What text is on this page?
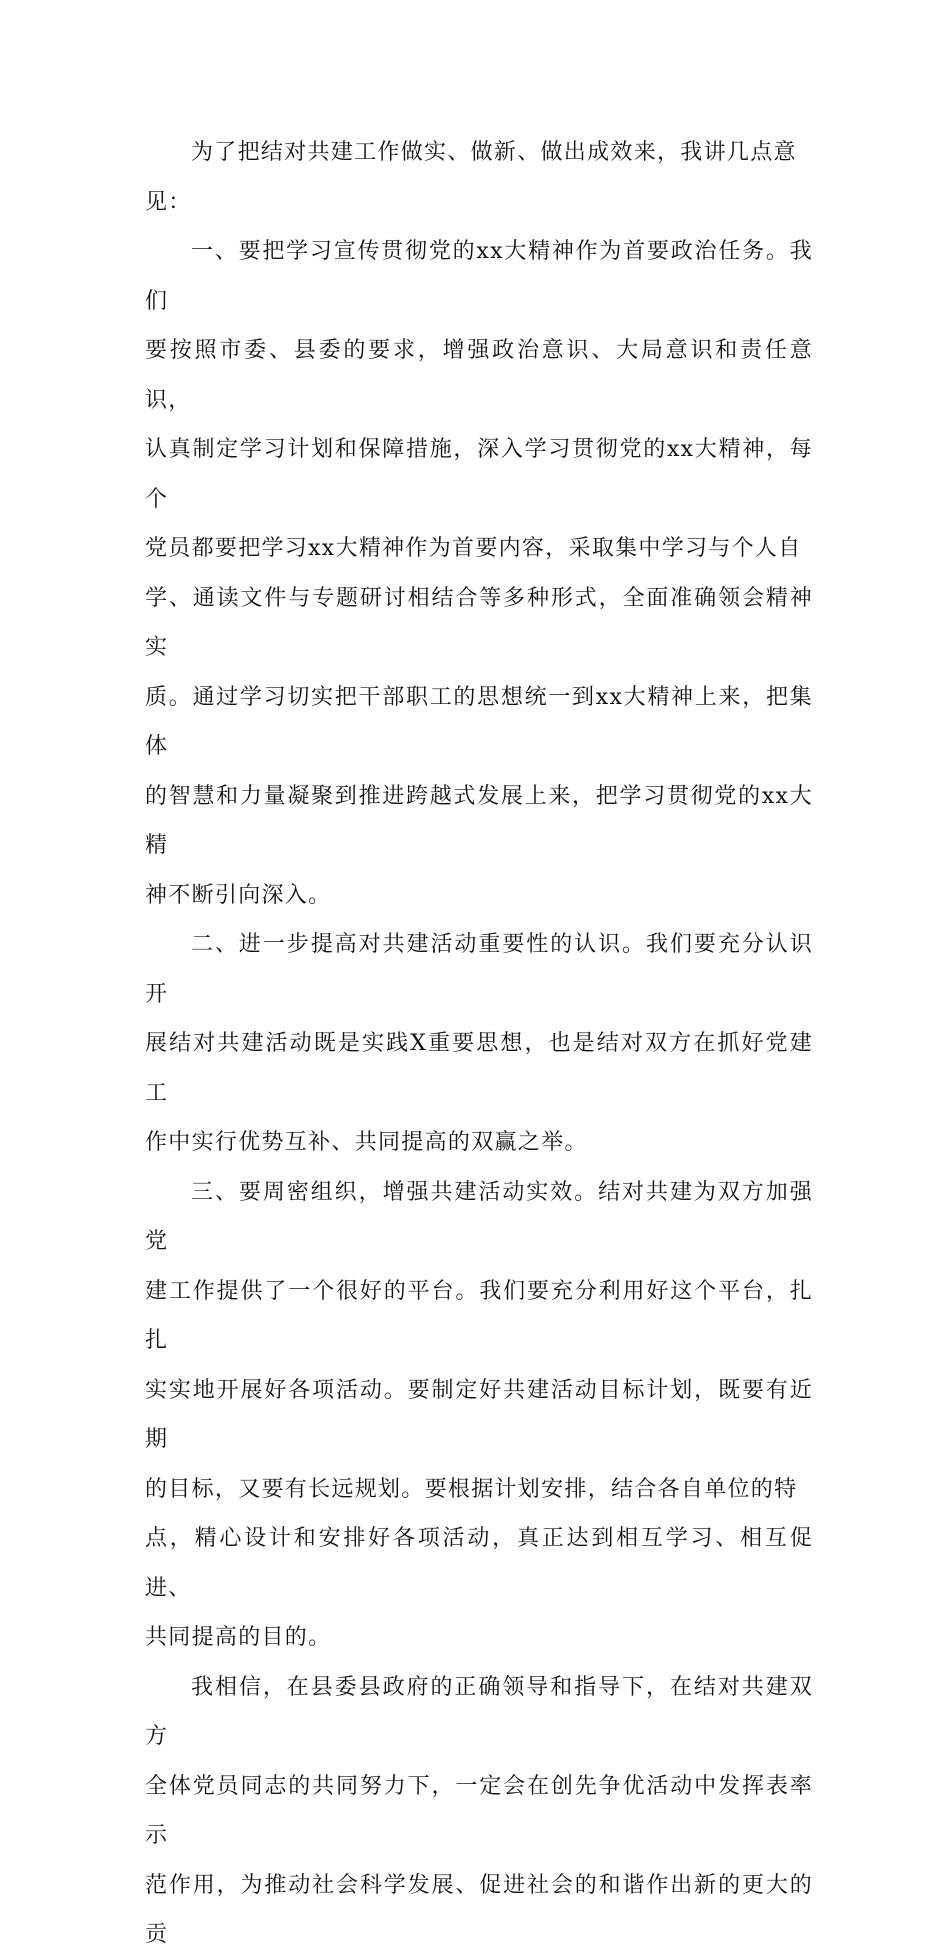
为了把结对共建工作做实、做新、做出成效来，我讲几点意
见：

一、要把学习宣传贯彻党的xx大精神作为首要政治任务。我们
要按照市委、县委的要求，增强政治意识、大局意识和责任意识，
认真制定学习计划和保障措施，深入学习贯彻党的xx大精神，每个
党员都要把学习xx大精神作为首要内容，采取集中学习与个人自
学、通读文件与专题研讨相结合等多种形式，全面准确领会精神实
质。通过学习切实把干部职工的思想统一到xx大精神上来，把集体
的智慧和力量凝聚到推进跨越式发展上来，把学习贯彻党的xx大精
神不断引向深入。

二、进一步提高对共建活动重要性的认识。我们要充分认识开
展结对共建活动既是实践X重要思想，也是结对双方在抓好党建工
作中实行优势互补、共同提高的双赢之举。

三、要周密组织，增强共建活动实效。结对共建为双方加强党
建工作提供了一个很好的平台。我们要充分利用好这个平台，扎扎
实实地开展好各项活动。要制定好共建活动目标计划，既要有近期
的目标，又要有长远规划。要根据计划安排，结合各自单位的特
点，精心设计和安排好各项活动，真正达到相互学习、相互促进、
共同提高的目的。

我相信，在县委县政府的正确领导和指导下，在结对共建双方
全体党员同志的共同努力下，一定会在创先争优活动中发挥表率示
范作用，为推动社会科学发展、促进社会的和谐作出新的更大的贡
